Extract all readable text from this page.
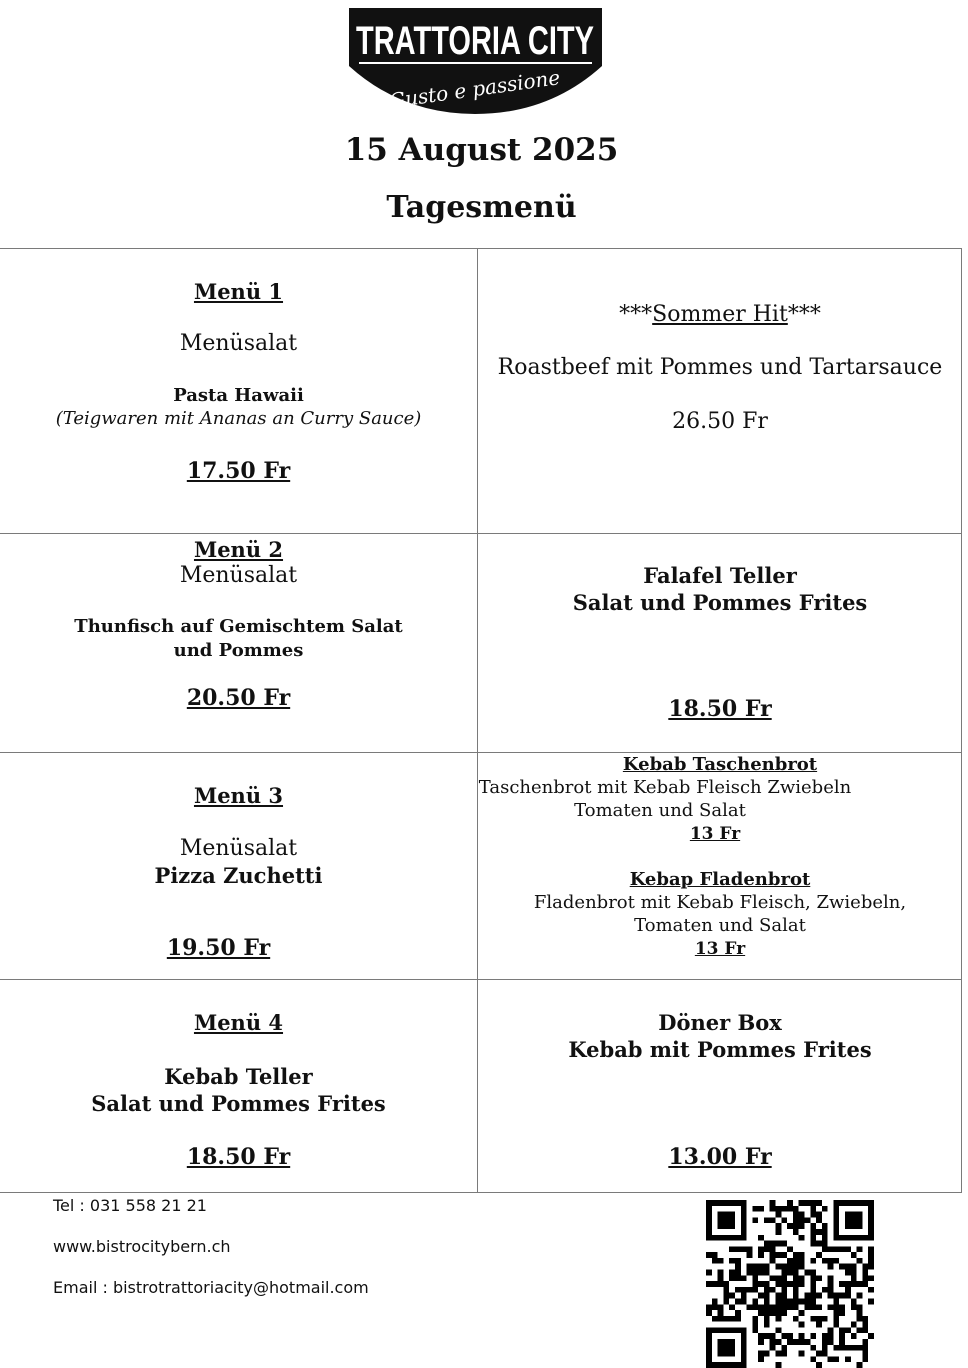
TRATTORIA CITY
Gusto e passione
15 August 2025
Tagesmenü
Menü 1
Menüsalat
Pasta Hawaii
(Teigwaren mit Ananas an Curry Sauce)
17.50 Fr
***Sommer Hit***
Roastbeef mit Pommes und Tartarsauce
26.50 Fr
Menü 2
Menüsalat
Thunfisch auf Gemischtem Salat
und Pommes
20.50 Fr
Falafel Teller
Salat und Pommes Frites
18.50 Fr
Menü 3
Menüsalat
Pizza Zuchetti
19.50 Fr
Kebab Taschenbrot
Taschenbrot mit Kebab Fleisch Zwiebeln
Tomaten und Salat
13 Fr
Kebap Fladenbrot
Fladenbrot mit Kebab Fleisch, Zwiebeln,
Tomaten und Salat
13 Fr
Menü 4
Kebab Teller
Salat und Pommes Frites
18.50 Fr
Döner Box
Kebab mit Pommes Frites
13.00 Fr
Tel : 031 558 21 21
www.bistrocitybern.ch
Email : bistrotrattoriacity@hotmail.com
